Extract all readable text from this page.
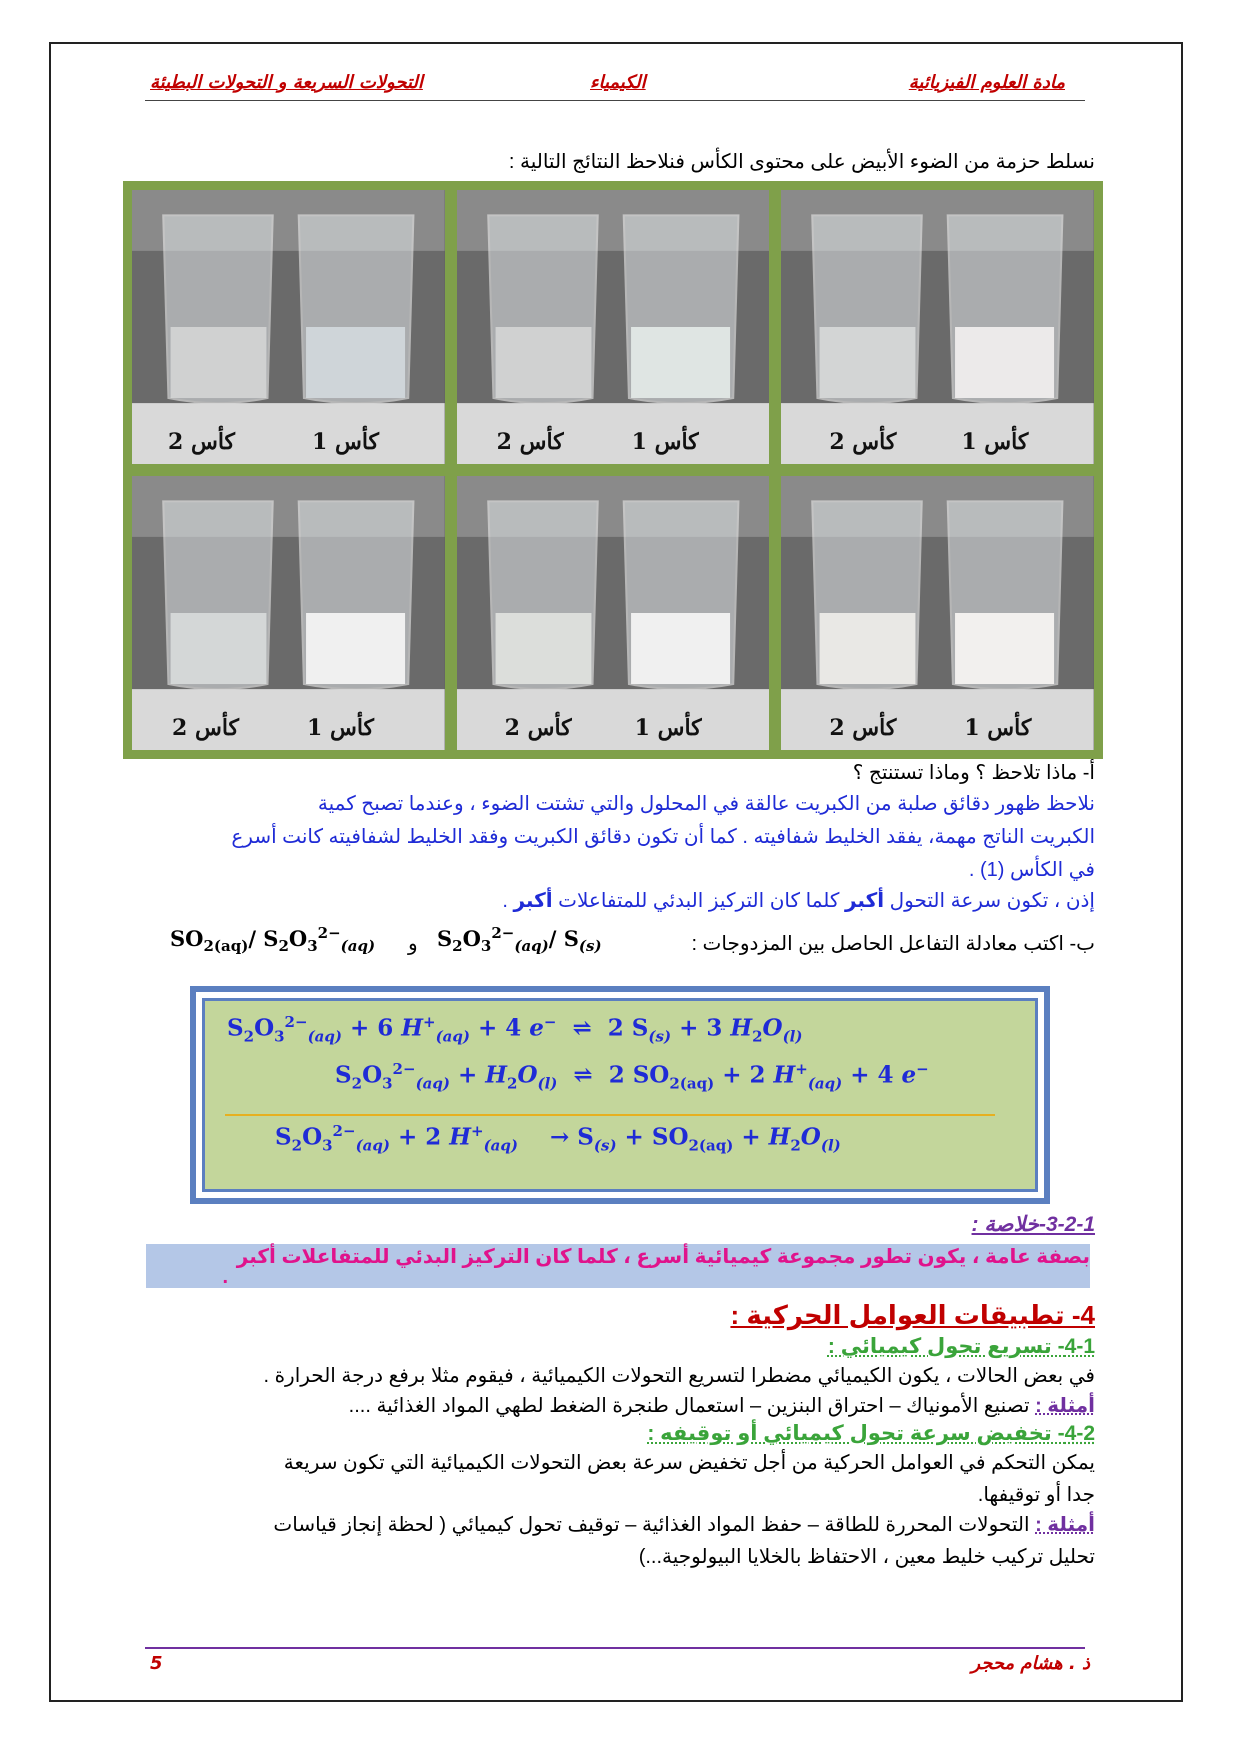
مادة العلوم الفيزيائية
الكيمياء
التحولات السريعة و التحولات البطيئة
نسلط حزمة من الضوء الأبيض على محتوى الكأس فنلاحظ النتائج التالية :
كأس 2	كأس 1	كأس 2	كأس 1	كأس 2	كأس 1
كأس 2	كأس 1	كأس 2	كأس 1	كأس 2	كأس 1
أ- ماذا تلاحظ ؟ وماذا تستنتج ؟
نلاحظ ظهور دقائق صلبة من الكبريت عالقة في المحلول والتي تشتت الضوء ، وعندما تصبح كمية
الكبريت الناتج مهمة، يفقد الخليط شفافيته . كما أن تكون دقائق الكبريت وفقد الخليط لشفافيته كانت أسرع
في الكأس (1) .
إذن ، تكون سرعة التحول أكبر كلما كان التركيز البدئي للمتفاعلات أكبر .
ب- اكتب معادلة التفاعل الحاصل بين المزدوجات :
$S_2O_3^{2-}_{(aq)}/$ $S_{(s)}$
و
$SO_{2(aq)}/$ $S_2O_3^{2-}_{(aq)}$
$S_2O_3^{2-}_{(aq)} + 6$ $H^+_{(aq)} + 4$ e−  ⇌  2 $S_{(s)} + 3$ $H_2O_{(l)}$
$S_2O_3^{2-}_{(aq)} + H_2O_{(l)}$  ⇌  2 $SO_{2(aq)} + 2$ $H^+_{(aq)} + 4$ e−
$S_2O_3^{2-}_{(aq)} + 2$ $H^+_{(aq)}$    → $S_{(s)} + SO_{2(aq)} + H_2O_{(l)}$
3-2-1-خلاصة :
بصفة عامة ، يكون تطور مجموعة كيميائية أسرع ، كلما كان التركيز البدئي للمتفاعلات أكبر
.
4- تطبيقات العوامل الحركية :
4-1- تسريع تحول كيميائي :
في بعض الحالات ، يكون الكيميائي مضطرا لتسريع التحولات الكيميائية ، فيقوم مثلا برفع درجة الحرارة .
أمثلة : تصنيع الأمونياك – احتراق البنزين – استعمال طنجرة الضغط لطهي المواد الغذائية ....
4-2- تخفيض سرعة تحول كيميائي أو توقيفه :
يمكن التحكم في العوامل الحركية من أجل تخفيض سرعة بعض التحولات الكيميائية التي تكون سريعة
جدا أو توقيفها.
أمثلة : التحولات المحررة للطاقة – حفظ المواد الغذائية – توقيف تحول كيميائي ( لحظة إنجاز قياسات
تحليل تركيب خليط معين ، الاحتفاظ بالخلايا البيولوجية...)
ذ . هشام محجر
5
